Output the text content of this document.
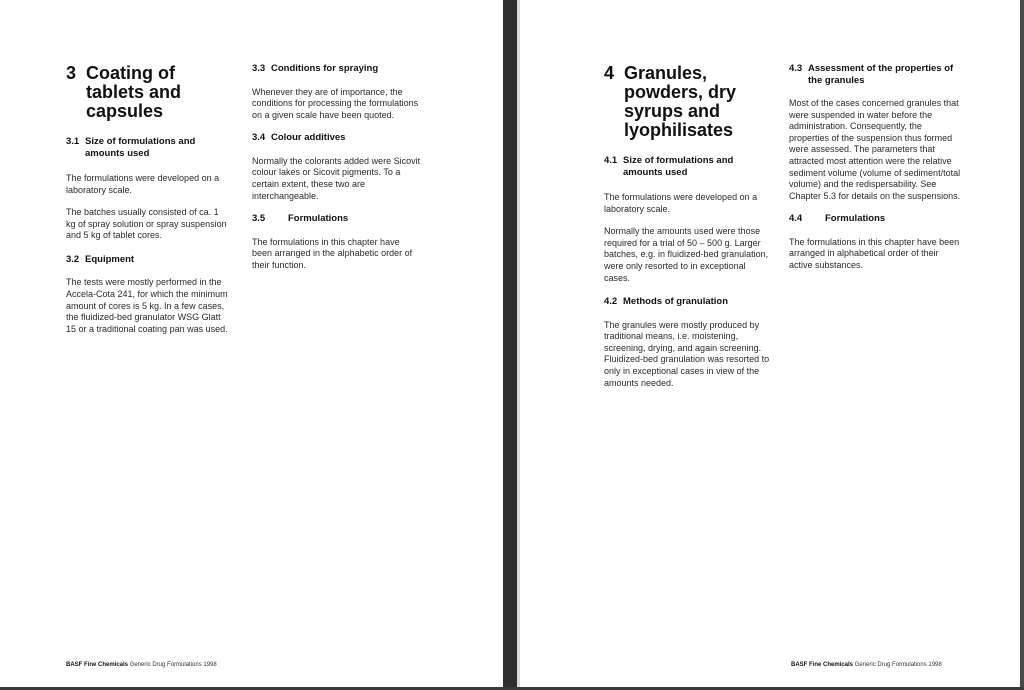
3 Coating of tablets and capsules
3.1 Size of formulations and amounts used

The formulations were developed on a laboratory scale.

The batches usually consisted of ca. 1 kg of spray solution or spray suspension and 5 kg of tablet cores.

3.2 Equipment

The tests were mostly performed in the Accela-Cota 241, for which the minimum amount of cores is 5 kg. In a few cases, the fluidized-bed granulator WSG Glatt 15 or a traditional coating pan was used.

3.3 Conditions for spraying

Whenever they are of importance, the conditions for processing the formulations on a given scale have been quoted.

3.4 Colour additives

Normally the colorants added were Sicovit colour lakes or Sicovit pigments. To a certain extent, these two are interchangeable.

3.5	Formulations

The formulations in this chapter have been arranged in the alphabetic order of their function.

BASF Fine Chemicals Generic Drug Formulations 1998
4 Granules, powders, dry syrups and lyophilisates
4.1 Size of formulations and amounts used

The formulations were developed on a laboratory scale.

Normally the amounts used were those required for a trial of 50 – 500 g. Larger batches, e.g. in fluidized-bed granulation, were only resorted to in exceptional cases.

4.2 Methods of granulation

The granules were mostly produced by traditional means, i.e. moistening, screening, drying, and again screening. Fluidized-bed granulation was resorted to only in exceptional cases in view of the amounts needed.

4.3 Assessment of the properties of the granules

Most of the cases concerned granules that were suspended in water before the administration. Consequently, the properties of the suspension thus formed were assessed. The parameters that attracted most attention were the relative sediment volume (volume of sediment/total volume) and the redispersability. See Chapter 5.3 for details on the suspensions.

4.4	Formulations

The formulations in this chapter have been arranged in alphabetical order of their active substances.

BASF Fine Chemicals Generic Drug Formulations 1998
